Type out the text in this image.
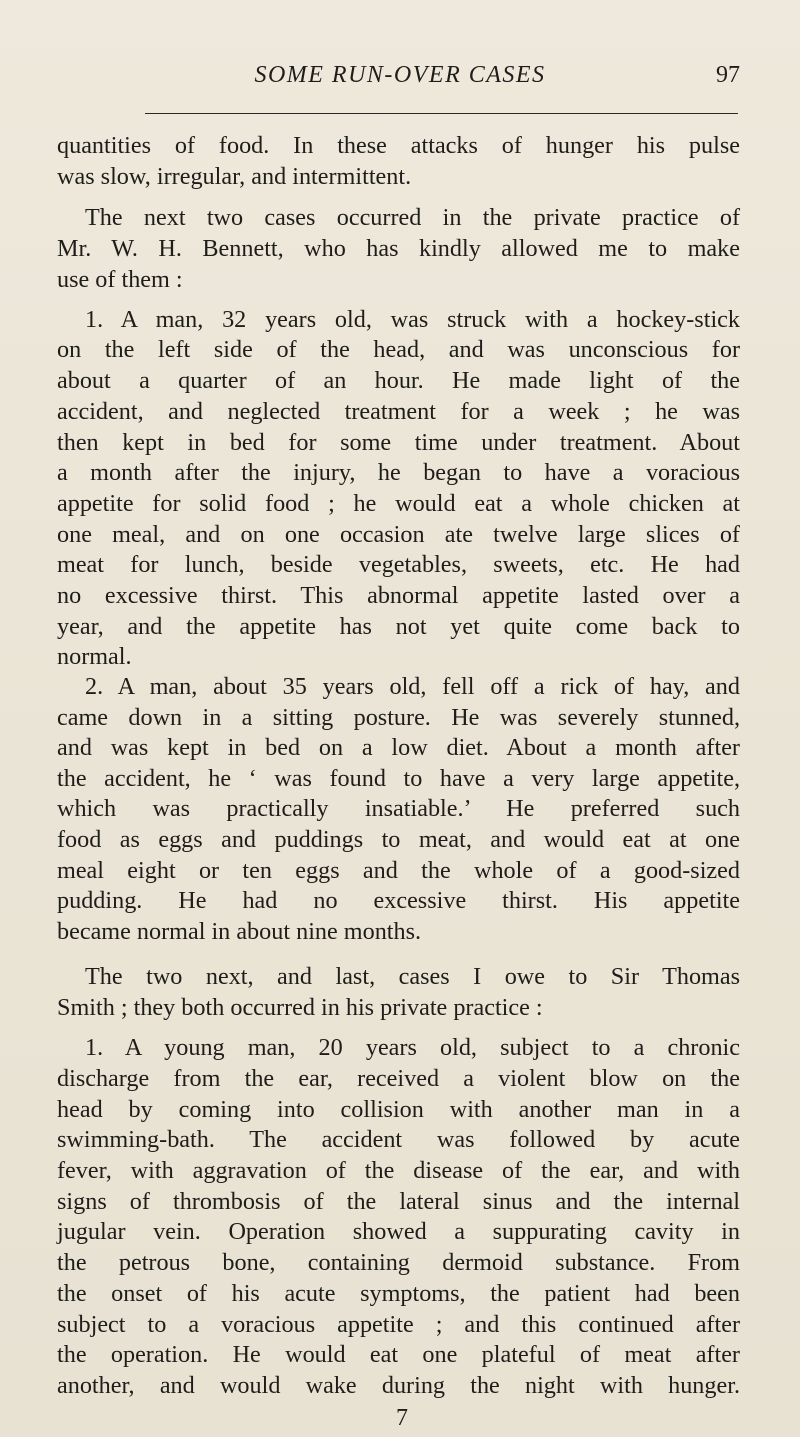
SOME RUN-OVER CASES	97
quantities of food. In these attacks of hunger his pulse
was slow, irregular, and intermittent.
The next two cases occurred in the private practice of
Mr. W. H. Bennett, who has kindly allowed me to make
use of them :
1. A man, 32 years old, was struck with a hockey-stick
on the left side of the head, and was unconscious for
about a quarter of an hour. He made light of the
accident, and neglected treatment for a week ; he was
then kept in bed for some time under treatment. About
a month after the injury, he began to have a voracious
appetite for solid food ; he would eat a whole chicken at
one meal, and on one occasion ate twelve large slices of
meat for lunch, beside vegetables, sweets, etc. He had
no excessive thirst. This abnormal appetite lasted over a
year, and the appetite has not yet quite come back to
normal.
2. A man, about 35 years old, fell off a rick of hay, and
came down in a sitting posture. He was severely stunned,
and was kept in bed on a low diet. About a month after
the accident, he ‘ was found to have a very large appetite,
which was practically insatiable.’ He preferred such
food as eggs and puddings to meat, and would eat at one
meal eight or ten eggs and the whole of a good-sized
pudding. He had no excessive thirst. His appetite
became normal in about nine months.
The two next, and last, cases I owe to Sir Thomas
Smith ; they both occurred in his private practice :
1. A young man, 20 years old, subject to a chronic
discharge from the ear, received a violent blow on the
head by coming into collision with another man in a
swimming-bath. The accident was followed by acute
fever, with aggravation of the disease of the ear, and with
signs of thrombosis of the lateral sinus and the internal
jugular vein. Operation showed a suppurating cavity in
the petrous bone, containing dermoid substance. From
the onset of his acute symptoms, the patient had been
subject to a voracious appetite ; and this continued after
the operation. He would eat one plateful of meat after
another, and would wake during the night with hunger.
7
